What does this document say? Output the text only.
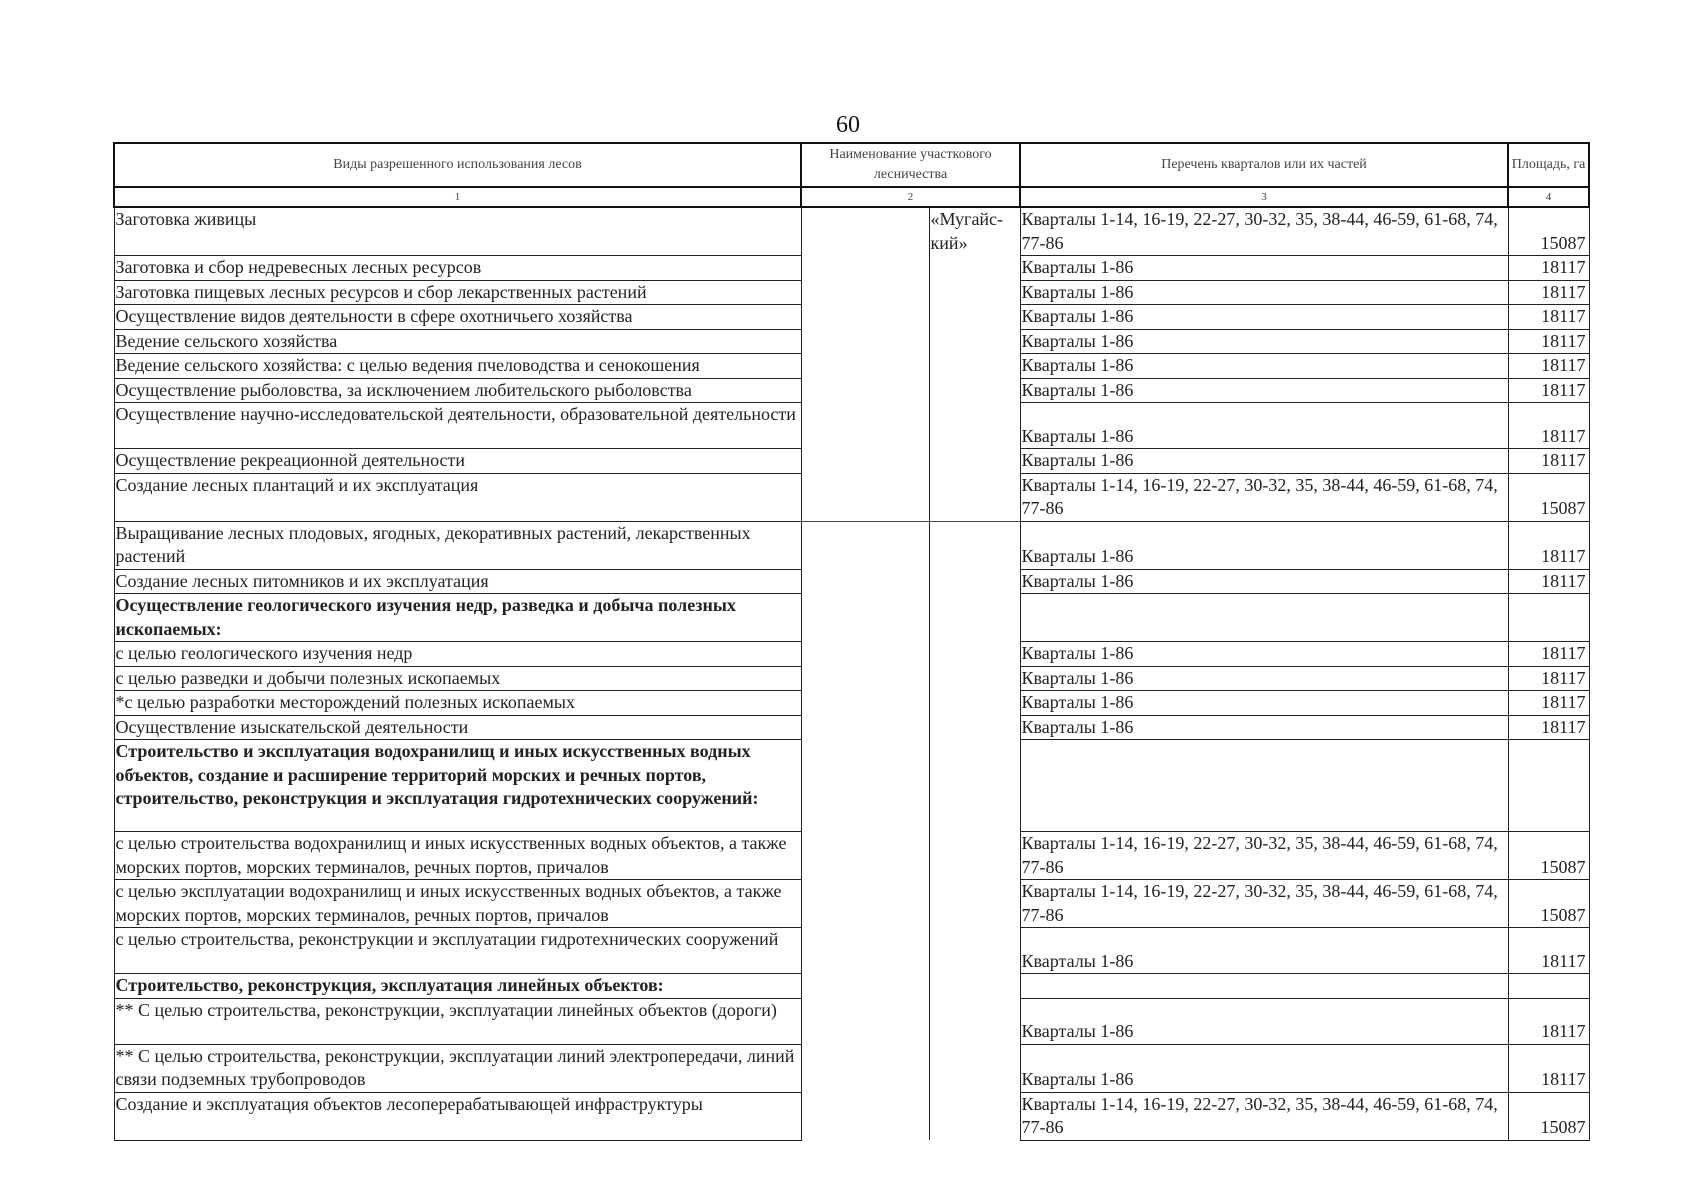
60
Виды разрешенного использования лесов	Наименование участкового лесничества		Перечень кварталов или их частей	Площадь, га
1	2		3	4
Заготовка живицы		«Мугайс-кий»	Кварталы 1-14, 16-19, 22-27, 30-32, 35, 38-44, 46-59, 61-68, 74, 77-86	15087
Заготовка и сбор недревесных лесных ресурсов			Кварталы 1-86	18117
Заготовка пищевых лесных ресурсов и сбор лекарственных растений			Кварталы 1-86	18117
Осуществление видов деятельности в сфере охотничьего хозяйства			Кварталы 1-86	18117
Ведение сельского хозяйства			Кварталы 1-86	18117
Ведение сельского хозяйства: с целью ведения пчеловодства и сенокошения			Кварталы 1-86	18117
Осуществление рыболовства, за исключением любительского рыболовства			Кварталы 1-86	18117
Осуществление научно-исследовательской деятельности, образовательной деятельности			Кварталы 1-86	18117
Осуществление рекреационной деятельности			Кварталы 1-86	18117
Создание лесных плантаций и их эксплуатация			Кварталы 1-14, 16-19, 22-27, 30-32, 35, 38-44, 46-59, 61-68, 74, 77-86	15087
Выращивание лесных плодовых, ягодных, декоративных растений, лекарственных растений			Кварталы 1-86	18117
Создание лесных питомников и их эксплуатация			Кварталы 1-86	18117
Осуществление геологического изучения недр, разведка и добыча полезных ископаемых:				
с целью геологического изучения недр			Кварталы 1-86	18117
с целью разведки и добычи полезных ископаемых			Кварталы 1-86	18117
*с целью разработки месторождений полезных ископаемых			Кварталы 1-86	18117
Осуществление изыскательской деятельности			Кварталы 1-86	18117
Строительство и эксплуатация водохранилищ и иных искусственных водных объектов, создание и расширение территорий морских и речных портов, строительство, реконструкция и эксплуатация гидротехнических сооружений:				
с целью строительства водохранилищ и иных искусственных водных объектов, а также морских портов, морских терминалов, речных портов, причалов			Кварталы 1-14, 16-19, 22-27, 30-32, 35, 38-44, 46-59, 61-68, 74, 77-86	15087
с целью эксплуатации водохранилищ и иных искусственных водных объектов, а также морских портов, морских терминалов, речных портов, причалов			Кварталы 1-14, 16-19, 22-27, 30-32, 35, 38-44, 46-59, 61-68, 74, 77-86	15087
с целью строительства, реконструкции и эксплуатации гидротехнических сооружений			Кварталы 1-86	18117
Строительство, реконструкция, эксплуатация линейных объектов:				
** С целью строительства, реконструкции, эксплуатации линейных объектов (дороги)			Кварталы 1-86	18117
** С целью строительства, реконструкции, эксплуатации линий электропередачи, линий связи подземных трубопроводов			Кварталы 1-86	18117
Создание и эксплуатация объектов лесоперерабатывающей инфраструктуры			Кварталы 1-14, 16-19, 22-27, 30-32, 35, 38-44, 46-59, 61-68, 74, 77-86	15087
